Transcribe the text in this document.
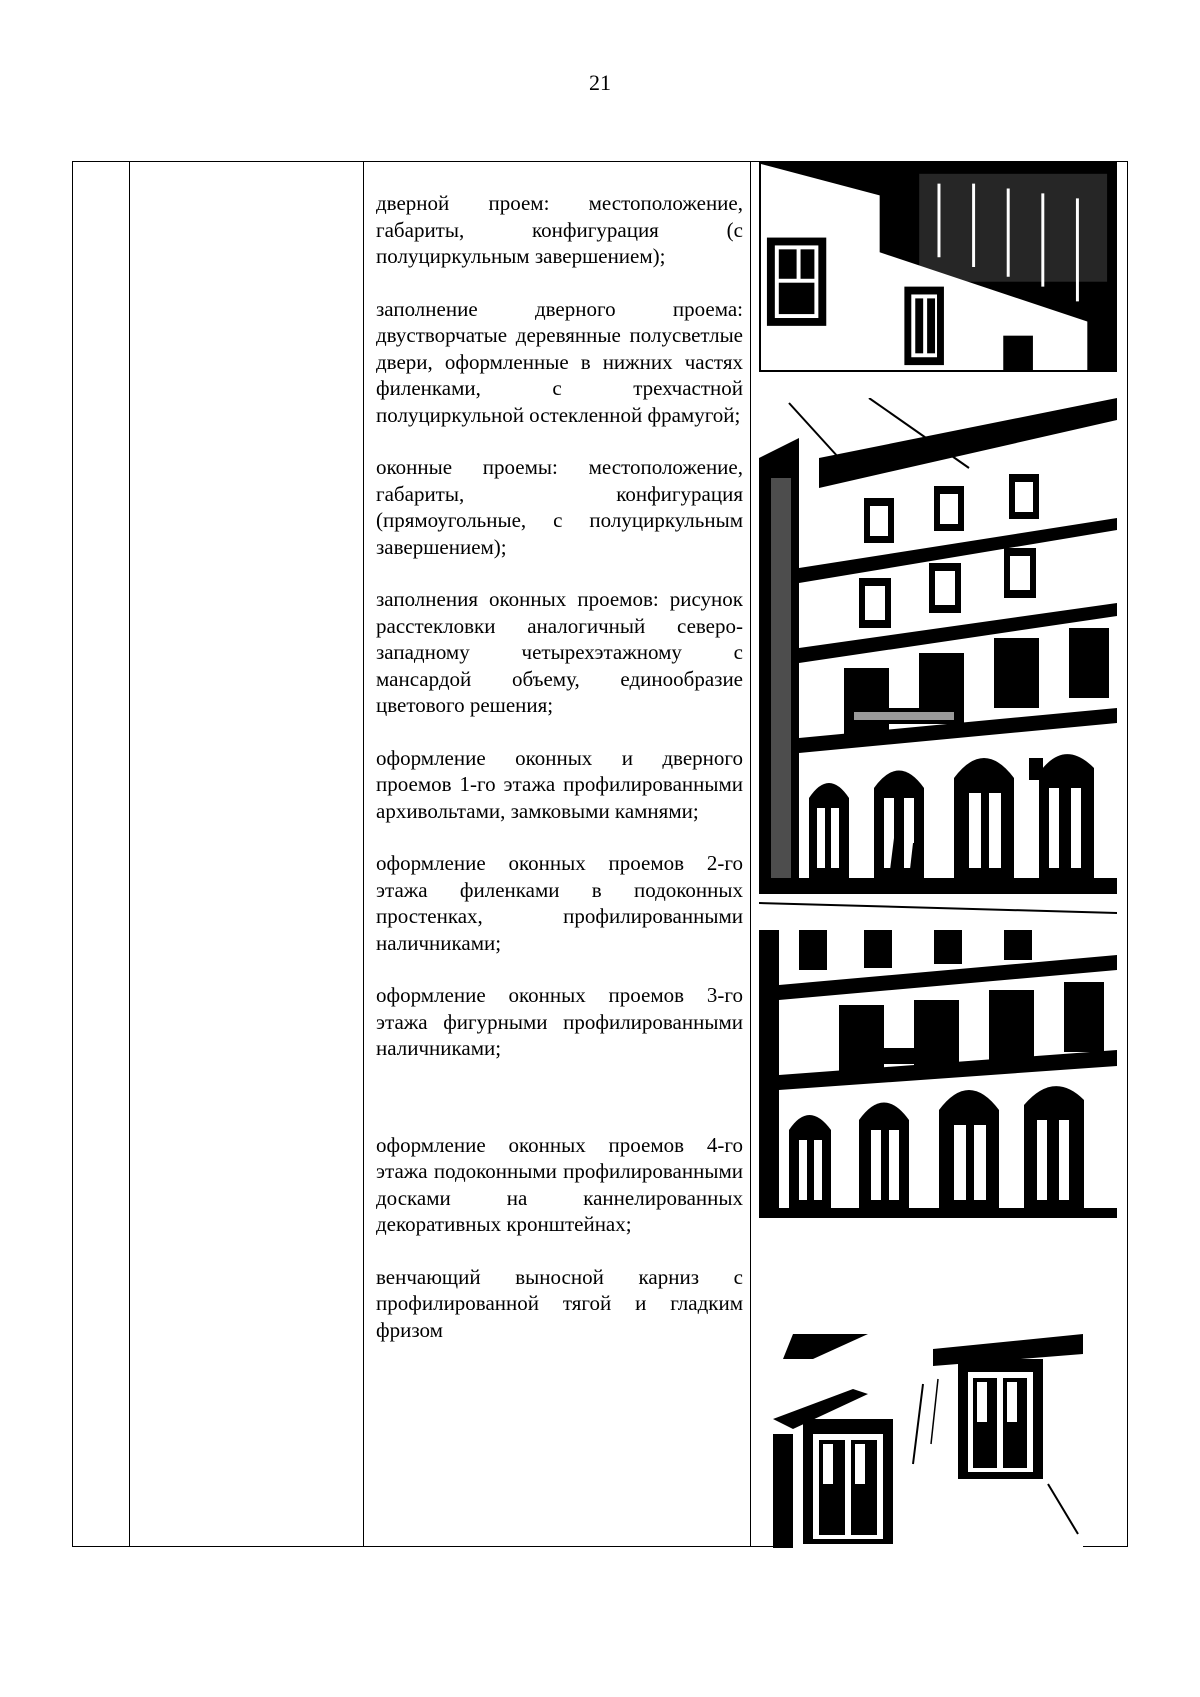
21

дверной проем: местоположение, габариты, конфигурация (с полуциркульным завершением);

заполнение дверного проема: двустворчатые деревянные полусветлые двери, оформленные в нижних частях филенками, с трехчастной полуциркульной остекленной фрамугой;

оконные проемы: местоположение, габариты, конфигурация (прямоугольные, с полуциркульным завершением);

заполнения оконных проемов: рисунок расстекловки аналогичный северо-западному четырехэтажному с мансардой объему, единообразие цветового решения;

оформление оконных и дверного проемов 1-го этажа профилированными архивольтами, замковыми камнями;

оформление оконных проемов 2-го этажа филенками в подоконных простенках, профилированными наличниками;

оформление оконных проемов 3-го этажа фигурными профилированными наличниками;

оформление оконных проемов 4-го этажа подоконными профилированными досками на каннелированных декоративных кронштейнах;

венчающий выносной карниз с профилированной тягой и гладким фризом
